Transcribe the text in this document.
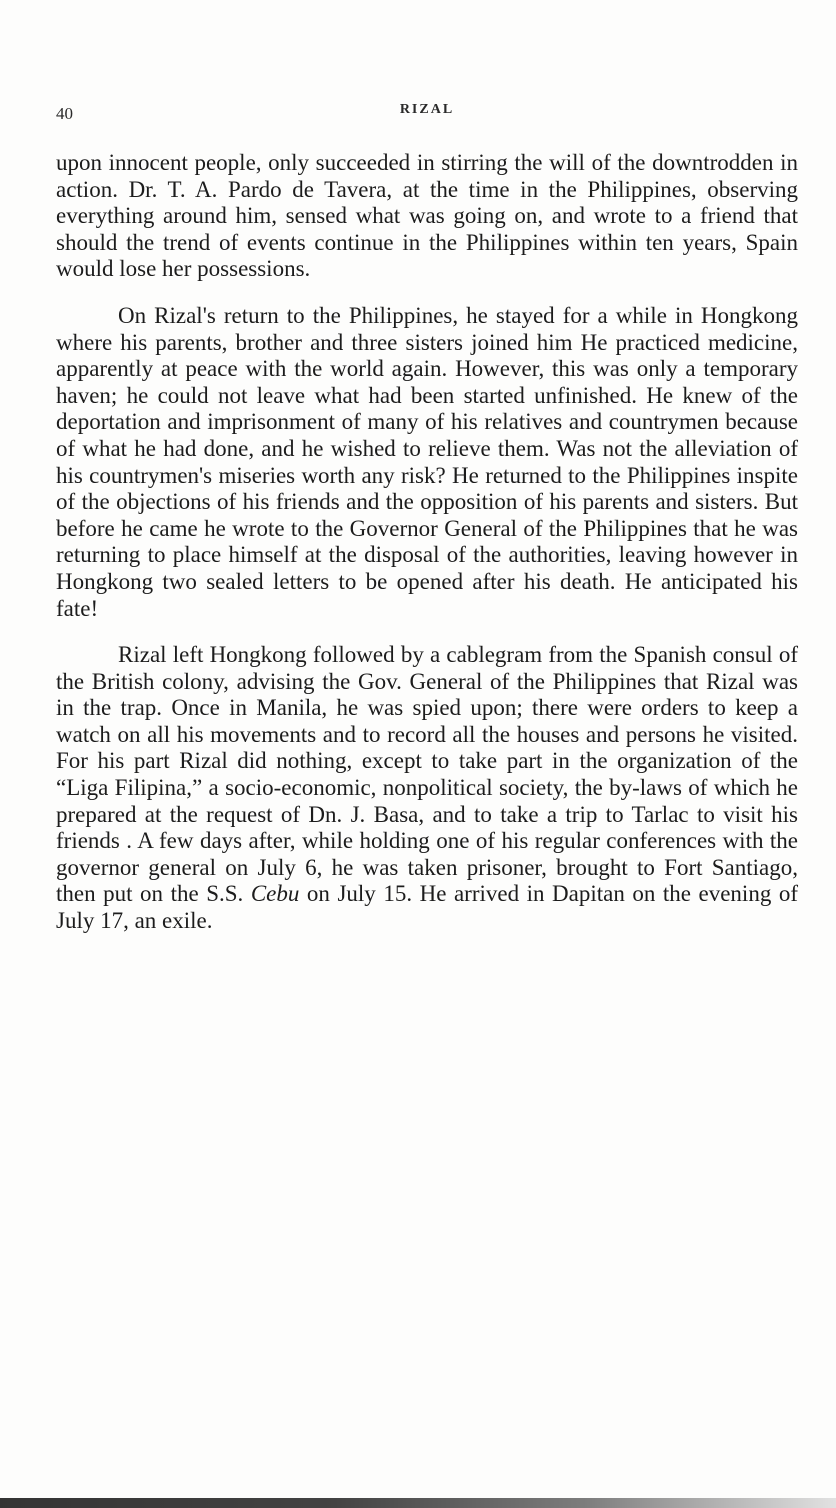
40	RIZAL

upon innocent people, only succeeded in stirring the will of the downtrodden in action. Dr. T. A. Pardo de Tavera, at the time in the Philippines, observing everything around him, sensed what was going on, and wrote to a friend that should the trend of events continue in the Philippines within ten years, Spain would lose her possessions.

On Rizal's return to the Philippines, he stayed for a while in Hongkong where his parents, brother and three sisters joined him He practiced medicine, apparently at peace with the world again. However, this was only a temporary haven; he could not leave what had been started unfinished. He knew of the deportation and imprisonment of many of his relatives and countrymen because of what he had done, and he wished to relieve them. Was not the alleviation of his countrymen's miseries worth any risk? He returned to the Philippines inspite of the objections of his friends and the opposition of his parents and sisters. But before he came he wrote to the Governor General of the Philippines that he was returning to place himself at the disposal of the authorities, leaving however in Hongkong two sealed letters to be opened after his death. He anticipated his fate!

Rizal left Hongkong followed by a cablegram from the Spanish consul of the British colony, advising the Gov. General of the Philippines that Rizal was in the trap. Once in Manila, he was spied upon; there were orders to keep a watch on all his movements and to record all the houses and persons he visited. For his part Rizal did nothing, except to take part in the organization of the “Liga Filipina,” a socio-economic, nonpolitical society, the by-laws of which he prepared at the request of Dn. J. Basa, and to take a trip to Tarlac to visit his friends . A few days after, while holding one of his regular conferences with the governor general on July 6, he was taken prisoner, brought to Fort Santiago, then put on the S.S. Cebu on July 15. He arrived in Dapitan on the evening of July 17, an exile.
